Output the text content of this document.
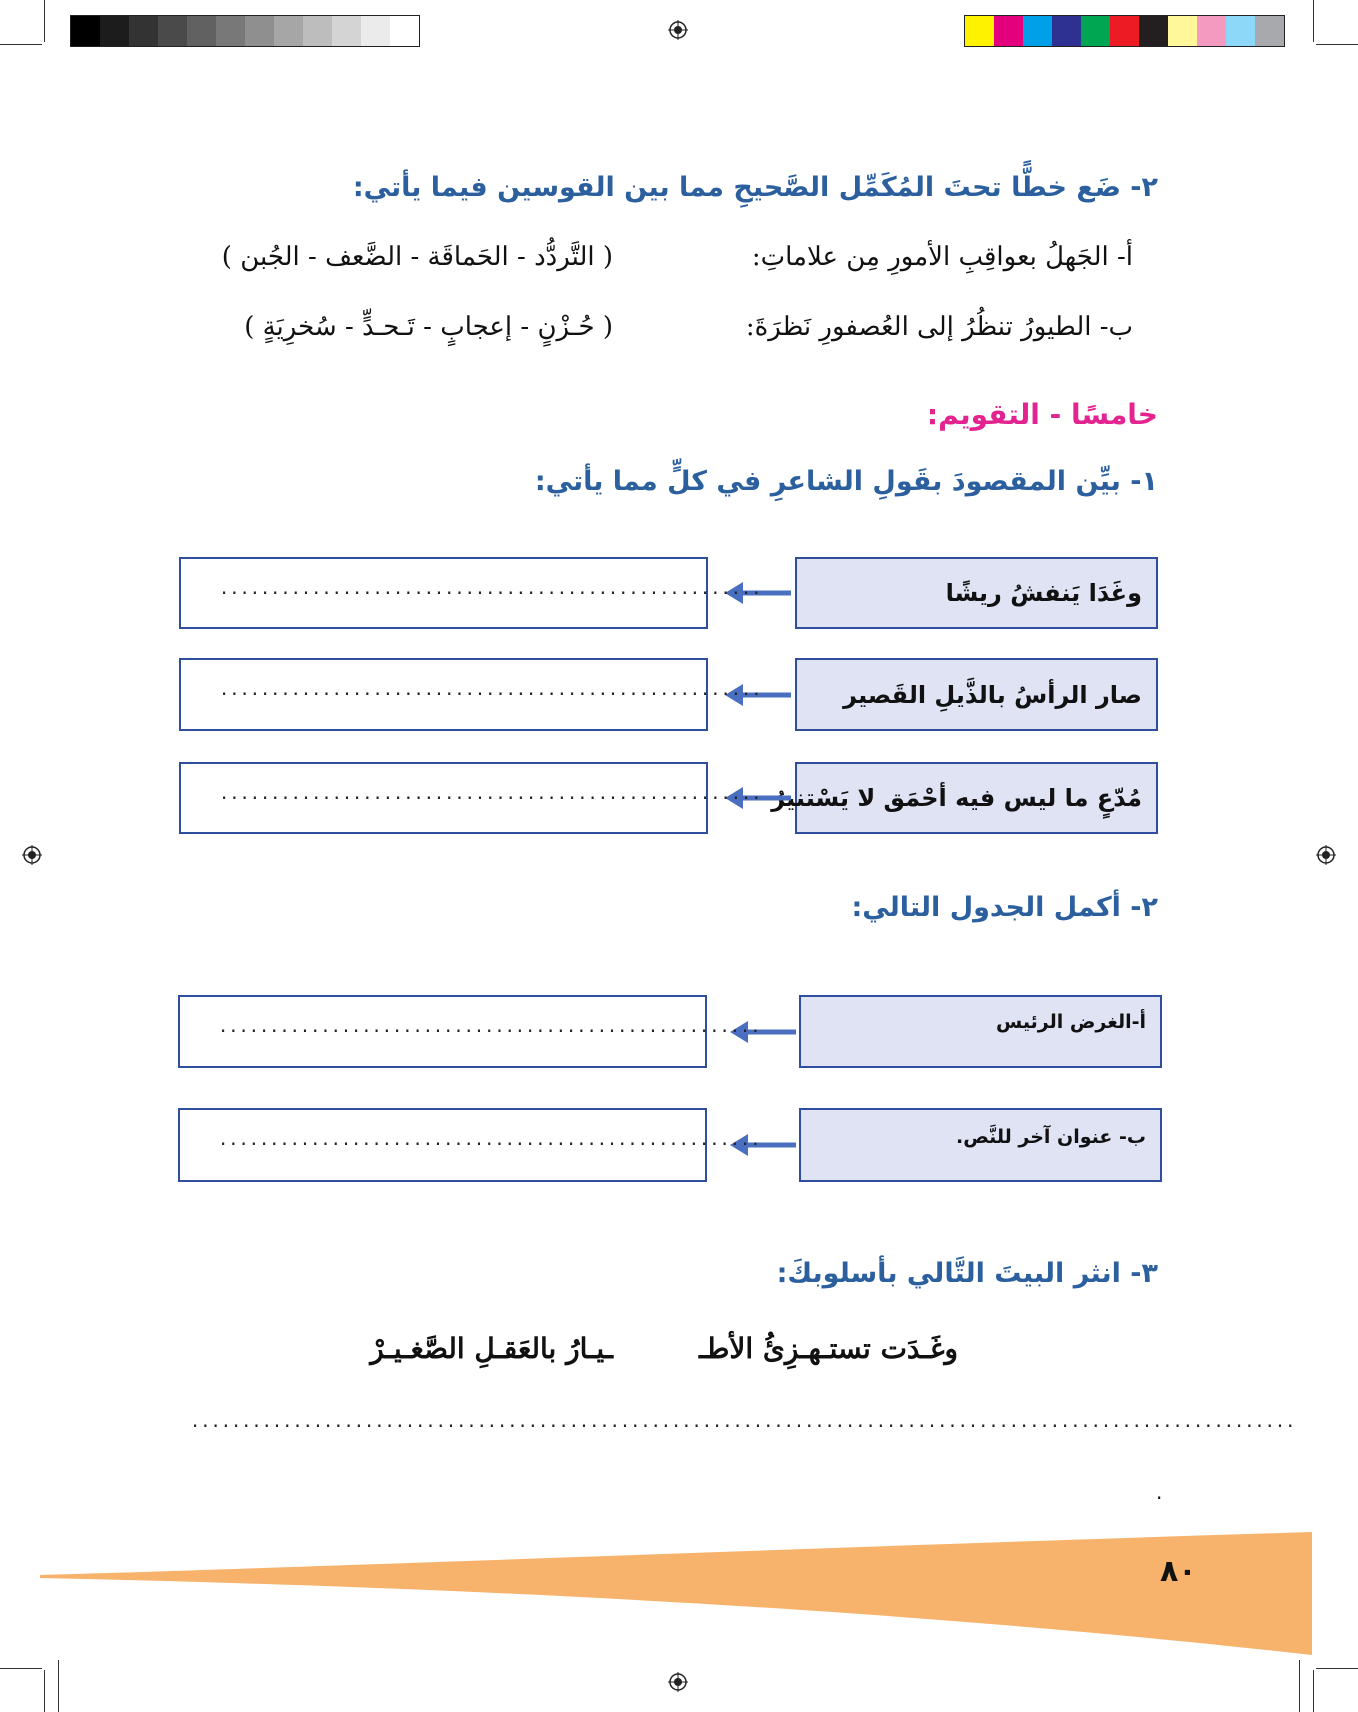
٢- ضَع خطًّا تحتَ المُكَمِّل الصَّحيحِ مما بين القوسين فيما يأتي:
أ- الجَهلُ بعواقِبِ الأمورِ مِن علاماتِ:
( التَّردُّد - الحَماقَة - الضَّعف - الجُبن )
ب- الطيورُ تنظُرُ إلى العُصفورِ نَظرَةَ:
( حُـزْنٍ - إعجابٍ - تَـحـدٍّ - سُخرِيَةٍ )
خامسًا - التقويم:
١- بيِّن المقصودَ بقَولِ الشاعرِ في كلٍّ مما يأتي:
وغَدَا يَنفشُ ريشًا
.....................................................
صار الرأسُ بالذَّيلِ القَصير
.....................................................
مُدّعٍ ما ليس فيه أحْمَق لا يَسْتنيرُ
.....................................................
٢- أكمل الجدول التالي:
أ-الغرض الرئيس
.....................................................
ب- عنوان آخر للنَّص.
.....................................................
٣- انثر البيتَ التَّالي بأسلوبكَ:
وغَـدَت تستـهـزِئُ الأطـ
ـيـارُ بالعَقـلِ الصَّغـيـرْ
............................................................................................................
.
٨٠
